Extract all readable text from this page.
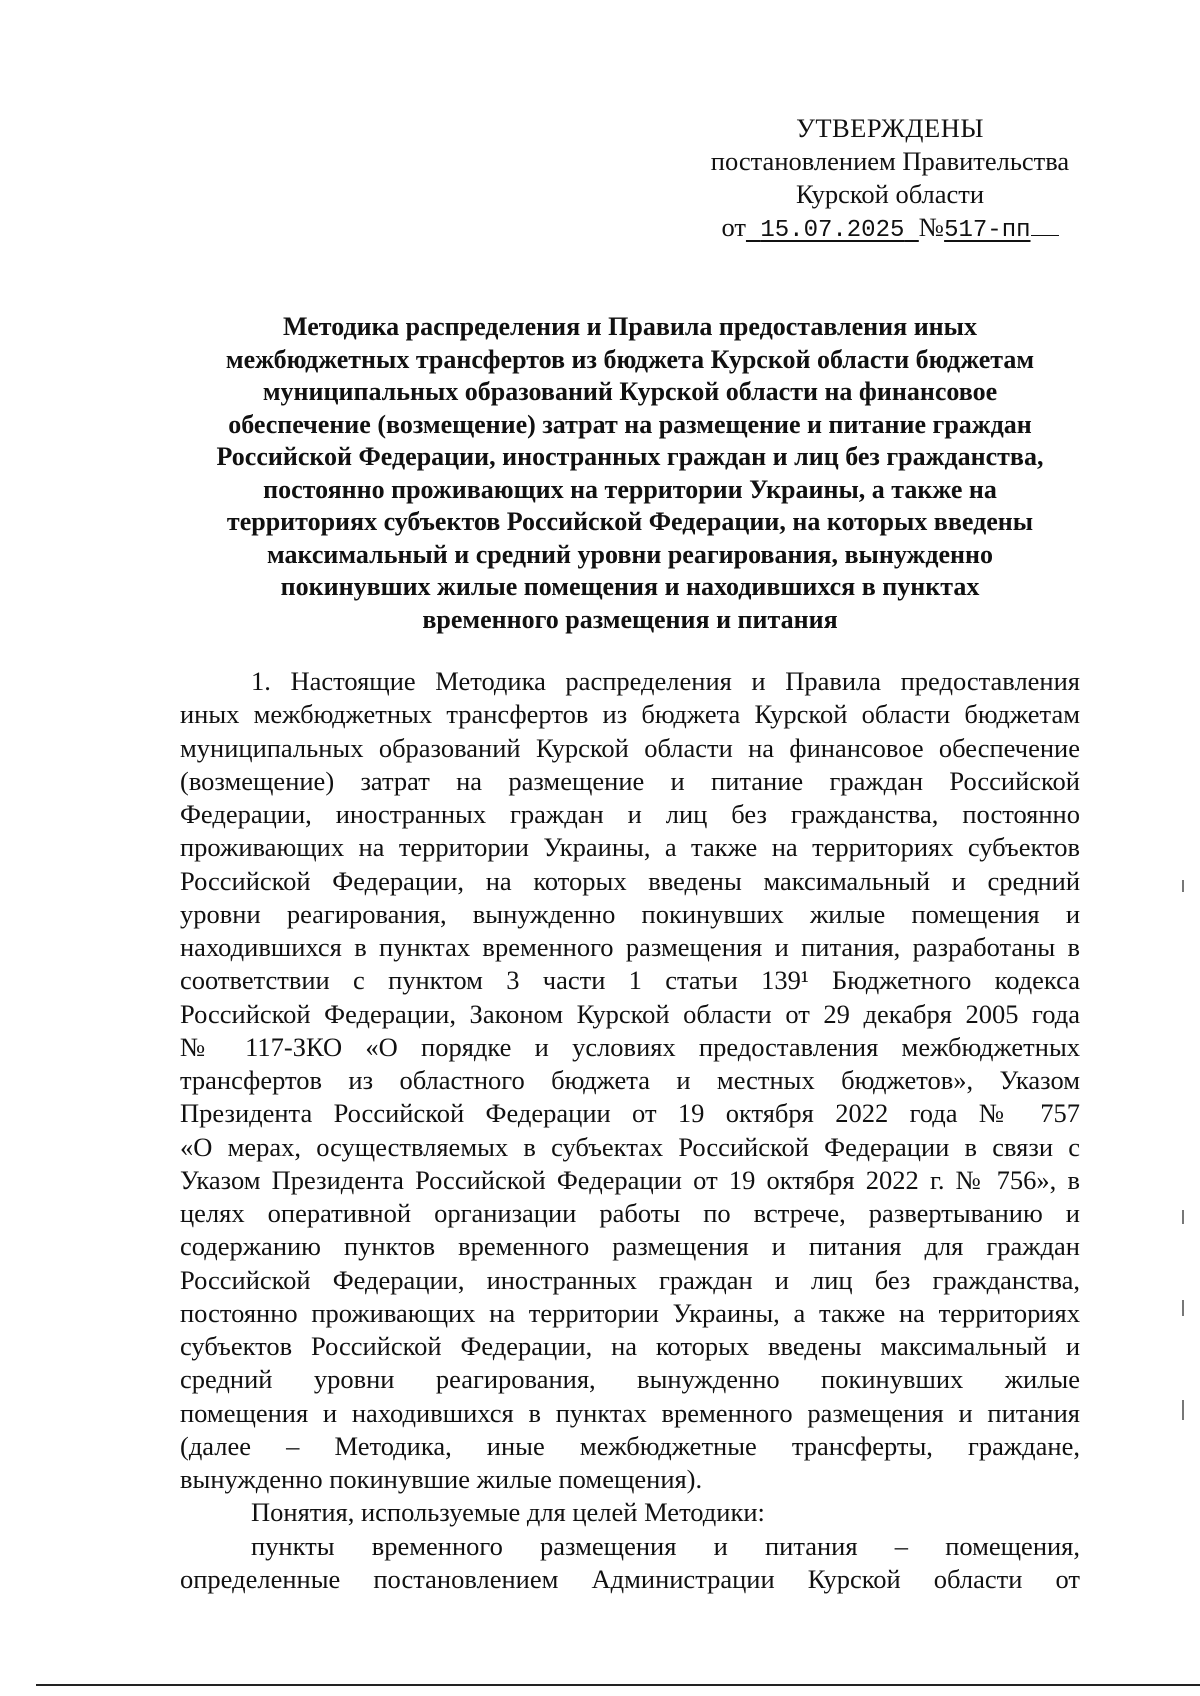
УТВЕРЖДЕНЫ
постановлением Правительства
Курской области
от 15.07.2025 №517-пп
Методика распределения и Правила предоставления иных
межбюджетных трансфертов из бюджета Курской области бюджетам
муниципальных образований Курской области на финансовое
обеспечение (возмещение) затрат на размещение и питание граждан
Российской Федерации, иностранных граждан и лиц без гражданства,
постоянно проживающих на территории Украины, а также на
территориях субъектов Российской Федерации, на которых введены
максимальный и средний уровни реагирования, вынужденно
покинувших жилые помещения и находившихся в пунктах
временного размещения и питания
1. Настоящие Методика распределения и Правила предоставления
иных межбюджетных трансфертов из бюджета Курской области бюджетам
муниципальных образований Курской области на финансовое обеспечение
(возмещение) затрат на размещение и питание граждан Российской
Федерации, иностранных граждан и лиц без гражданства, постоянно
проживающих на территории Украины, а также на территориях субъектов
Российской Федерации, на которых введены максимальный и средний
уровни реагирования, вынужденно покинувших жилые помещения и
находившихся в пунктах временного размещения и питания, разработаны в
соответствии с пунктом 3 части 1 статьи 139¹ Бюджетного кодекса
Российской Федерации, Законом Курской области от 29 декабря 2005 года
№ 117-ЗКО «О порядке и условиях предоставления межбюджетных
трансфертов из областного бюджета и местных бюджетов», Указом
Президента Российской Федерации от 19 октября 2022 года № 757
«О мерах, осуществляемых в субъектах Российской Федерации в связи с
Указом Президента Российской Федерации от 19 октября 2022 г. № 756», в
целях оперативной организации работы по встрече, развертыванию и
содержанию пунктов временного размещения и питания для граждан
Российской Федерации, иностранных граждан и лиц без гражданства,
постоянно проживающих на территории Украины, а также на территориях
субъектов Российской Федерации, на которых введены максимальный и
средний уровни реагирования, вынужденно покинувших жилые
помещения и находившихся в пунктах временного размещения и питания
(далее – Методика, иные межбюджетные трансферты, граждане,
вынужденно покинувшие жилые помещения).
Понятия, используемые для целей Методики:
пункты временного размещения и питания – помещения,
определенные постановлением Администрации Курской области от
